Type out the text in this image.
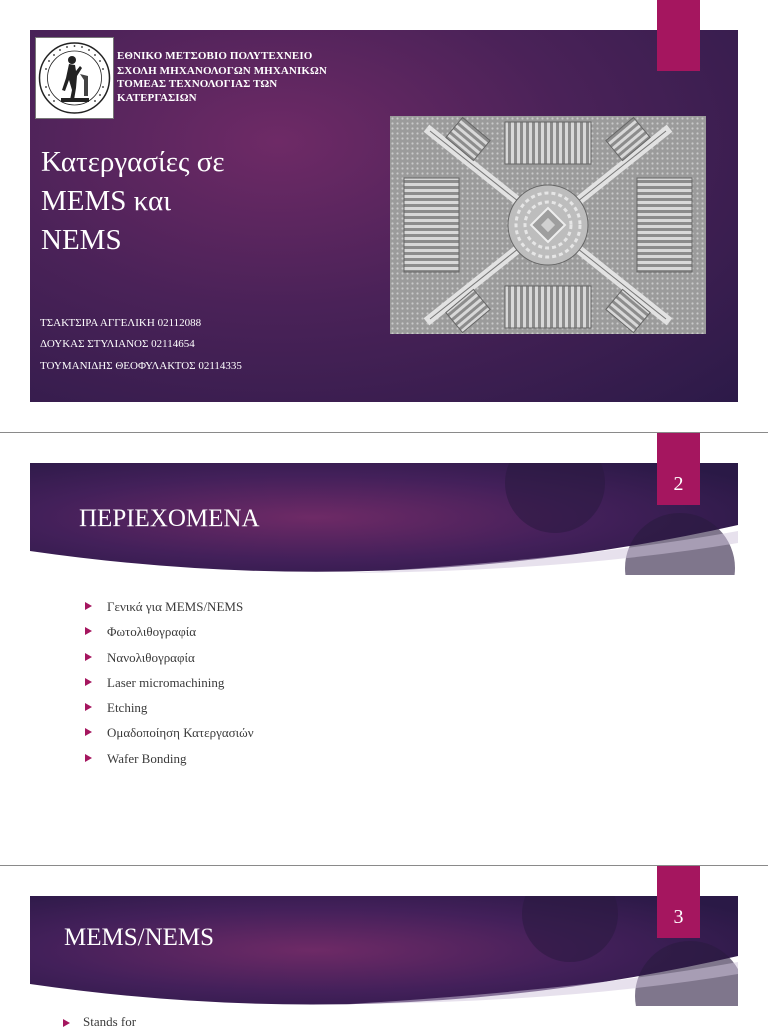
ΕΘΝΙΚΟ ΜΕΤΣΟΒΙΟ ΠΟΛΥΤΕΧΝΕΙΟ
ΣΧΟΛΗ ΜΗΧΑΝΟΛΟΓΩΝ ΜΗΧΑΝΙΚΩΝ
ΤΟΜΕΑΣ ΤΕΧΝΟΛΟΓΙΑΣ ΤΩΝ
ΚΑΤΕΡΓΑΣΙΩΝ
Κατεργασίες σε
MEMS και
NEMS
ΤΣΑΚΤΣΙΡΑ ΑΓΓΕΛΙΚΗ 02112088
ΔΟΥΚΑΣ ΣΤΥΛΙΑΝΟΣ 02114654
ΤΟΥΜΑΝΙΔΗΣ ΘΕΟΦΥΛΑΚΤΟΣ 02114335
2
ΠΕΡΙΕΧΟΜΕΝΑ
Γενικά για MEMS/NEMS
Φωτολιθογραφία
Νανολιθογραφία
Laser micromachining
Etching
Ομαδοποίηση Κατεργασιών
Wafer Bonding
3
MEMS/NEMS
Stands for
